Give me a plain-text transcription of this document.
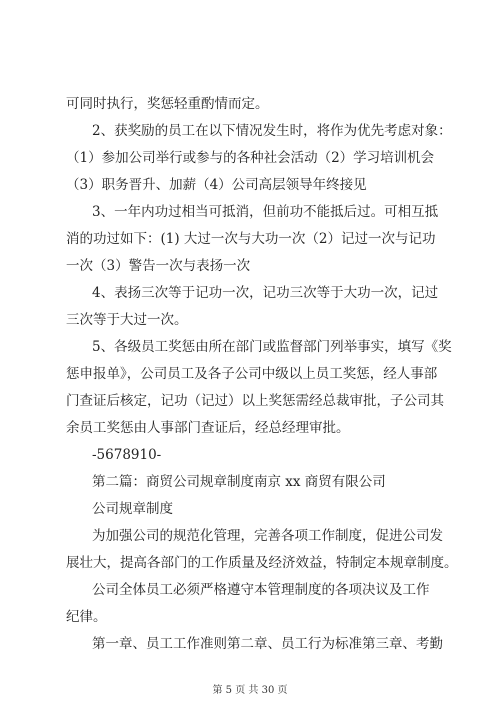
可同时执行，奖惩轻重酌情而定。
2、获奖励的员工在以下情况发生时，将作为优先考虑对象：
（1）参加公司举行或参与的各种社会活动（2）学习培训机会
（3）职务晋升、加薪（4）公司高层领导年终接见
3、一年内功过相当可抵消，但前功不能抵后过。可相互抵
消的功过如下：(1) 大过一次与大功一次（2）记过一次与记功
一次（3）警告一次与表扬一次
4、表扬三次等于记功一次，记功三次等于大功一次，记过
三次等于大过一次。
5、各级员工奖惩由所在部门或监督部门列举事实，填写《奖
惩申报单》，公司员工及各子公司中级以上员工奖惩，经人事部
门查证后核定，记功（记过）以上奖惩需经总裁审批，子公司其
余员工奖惩由人事部门查证后，经总经理审批。
-5678910-
第二篇：商贸公司规章制度南京 xx 商贸有限公司
公司规章制度
为加强公司的规范化管理，完善各项工作制度，促进公司发
展壮大，提高各部门的工作质量及经济效益，特制定本规章制度。
公司全体员工必须严格遵守本管理制度的各项决议及工作
纪律。
第一章、员工工作准则第二章、员工行为标准第三章、考勤
第 5 页 共 30 页
